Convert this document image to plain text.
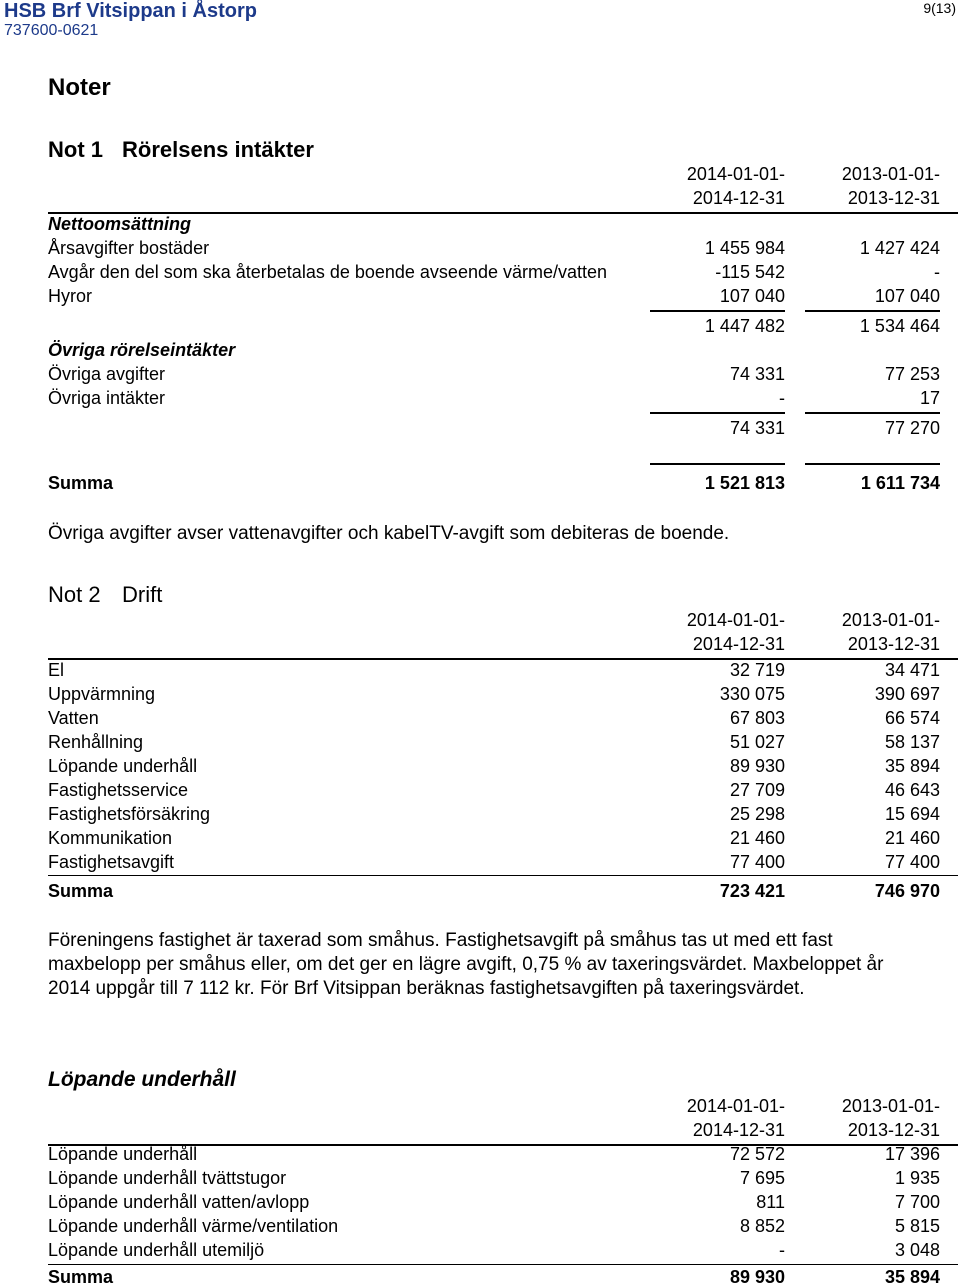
HSB Brf Vitsippan i Åstorp
737600-0621
9(13)
Noter
Not 1 Rörelsens intäkter
2014-01-01-	2013-01-01-
2014-12-31	2013-12-31
Nettoomsättning
Årsavgifter bostäder	1 455 984	1 427 424
Avgår den del som ska återbetalas de boende avseende värme/vatten	-115 542	-
Hyror	107 040	107 040
1 447 482	1 534 464
Övriga rörelseintäkter
Övriga avgifter	74 331	77 253
Övriga intäkter	-	17
74 331	77 270
Summa	1 521 813	1 611 734
Övriga avgifter avser vattenavgifter och kabelTV-avgift som debiteras de boende.
Not 2 Drift
2014-01-01-	2013-01-01-
2014-12-31	2013-12-31
El	32 719	34 471
Uppvärmning	330 075	390 697
Vatten	67 803	66 574
Renhållning	51 027	58 137
Löpande underhåll	89 930	35 894
Fastighetsservice	27 709	46 643
Fastighetsförsäkring	25 298	15 694
Kommunikation	21 460	21 460
Fastighetsavgift	77 400	77 400
Summa	723 421	746 970
Föreningens fastighet är taxerad som småhus. Fastighetsavgift på småhus tas ut med ett fast maxbelopp per småhus eller, om det ger en lägre avgift, 0,75 % av taxeringsvärdet. Maxbeloppet år 2014 uppgår till 7 112 kr. För Brf Vitsippan beräknas fastighetsavgiften på taxeringsvärdet.
Löpande underhåll
2014-01-01-	2013-01-01-
2014-12-31	2013-12-31
Löpande underhåll	72 572	17 396
Löpande underhåll tvättstugor	7 695	1 935
Löpande underhåll vatten/avlopp	811	7 700
Löpande underhåll värme/ventilation	8 852	5 815
Löpande underhåll utemiljö	-	3 048
Summa	89 930	35 894
